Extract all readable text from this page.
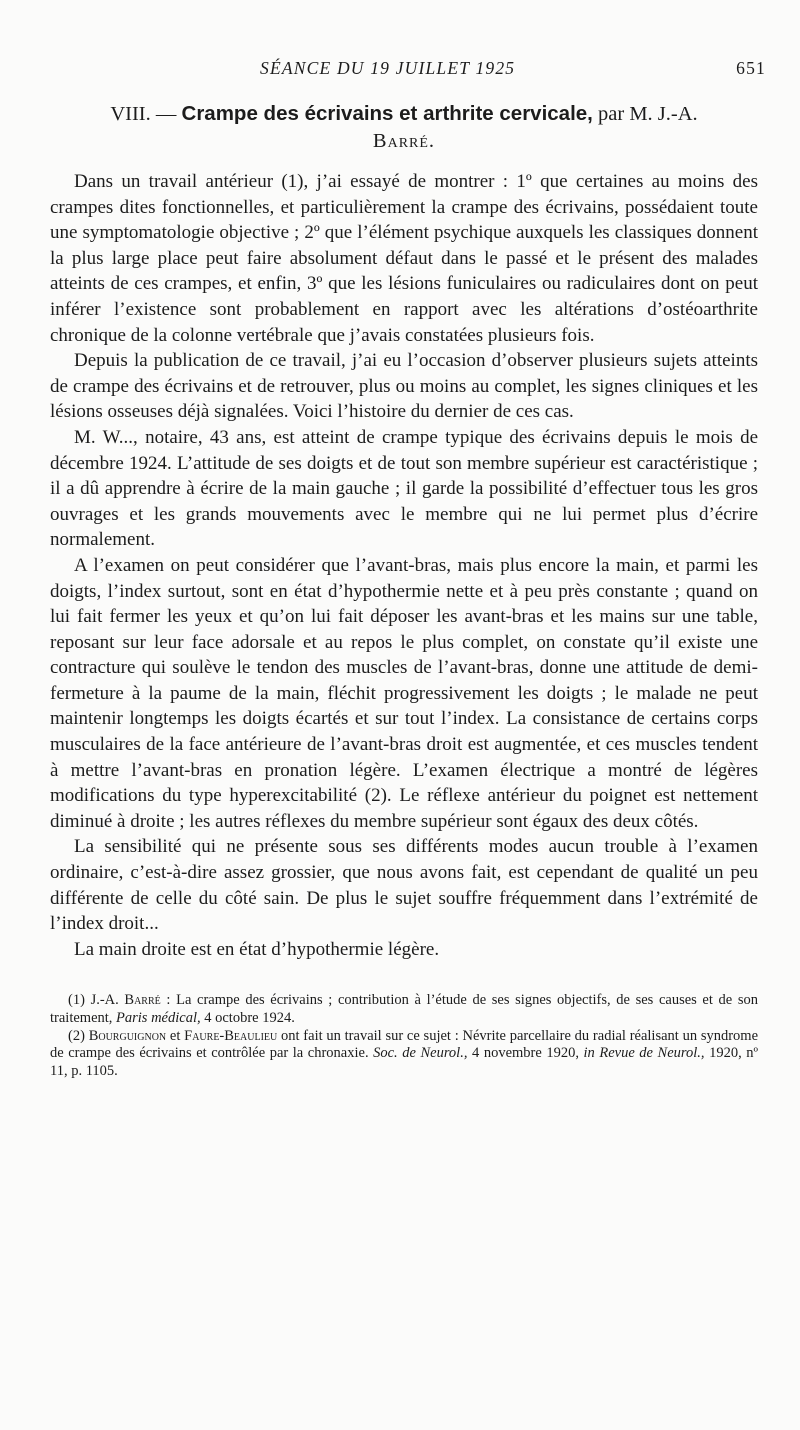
SÉANCE DU 19 JUILLET 1925	651
VIII. — Crampe des écrivains et arthrite cervicale, par M. J.-A.
Barré.

Dans un travail antérieur (1), j’ai essayé de montrer : 1º que certaines au moins des crampes dites fonctionnelles, et particulièrement la crampe des écrivains, possédaient toute une symptomatologie objective ; 2º que l’élément psychique auxquels les classiques donnent la plus large place peut faire absolument défaut dans le passé et le présent des malades atteints de ces crampes, et enfin, 3º que les lésions funiculaires ou radiculaires dont on peut inférer l’existence sont probablement en rapport avec les altérations d’ostéoarthrite chronique de la colonne vertébrale que j’avais constatées plusieurs fois.

Depuis la publication de ce travail, j’ai eu l’occasion d’observer plusieurs sujets atteints de crampe des écrivains et de retrouver, plus ou moins au complet, les signes cliniques et les lésions osseuses déjà signalées. Voici l’histoire du dernier de ces cas.

M. W..., notaire, 43 ans, est atteint de crampe typique des écrivains depuis le mois de décembre 1924. L’attitude de ses doigts et de tout son membre supérieur est caractéristique ; il a dû apprendre à écrire de la main gauche ; il garde la possibilité d’effectuer tous les gros ouvrages et les grands mouvements avec le membre qui ne lui permet plus d’écrire normalement.

A l’examen on peut considérer que l’avant-bras, mais plus encore la main, et parmi les doigts, l’index surtout, sont en état d’hypothermie nette et à peu près constante ; quand on lui fait fermer les yeux et qu’on lui fait déposer les avant-bras et les mains sur une table, reposant sur leur face adorsale et au repos le plus complet, on constate qu’il existe une contracture qui soulève le tendon des muscles de l’avant-bras, donne une attitude de demi-fermeture à la paume de la main, fléchit progressivement les doigts ; le malade ne peut maintenir longtemps les doigts écartés et sur tout l’index. La consistance de certains corps musculaires de la face antérieure de l’avant-bras droit est augmentée, et ces muscles tendent à mettre l’avant-bras en pronation légère. L’examen électrique a montré de légères modifications du type hyperexcitabilité (2). Le réflexe antérieur du poignet est nettement diminué à droite ; les autres réflexes du membre supérieur sont égaux des deux côtés.

La sensibilité qui ne présente sous ses différents modes aucun trouble à l’examen ordinaire, c’est-à-dire assez grossier, que nous avons fait, est cependant de qualité un peu différente de celle du côté sain. De plus le sujet souffre fréquemment dans l’extrémité de l’index droit...

La main droite est en état d’hypothermie légère.

(1) J.-A. Barré : La crampe des écrivains ; contribution à l’étude de ses signes objectifs, de ses causes et de son traitement, Paris médical, 4 octobre 1924.

(2) Bourguignon et Faure-Beaulieu ont fait un travail sur ce sujet : Névrite parcellaire du radial réalisant un syndrome de crampe des écrivains et contrôlée par la chronaxie. Soc. de Neurol., 4 novembre 1920, in Revue de Neurol., 1920, nº 11, p. 1105.
